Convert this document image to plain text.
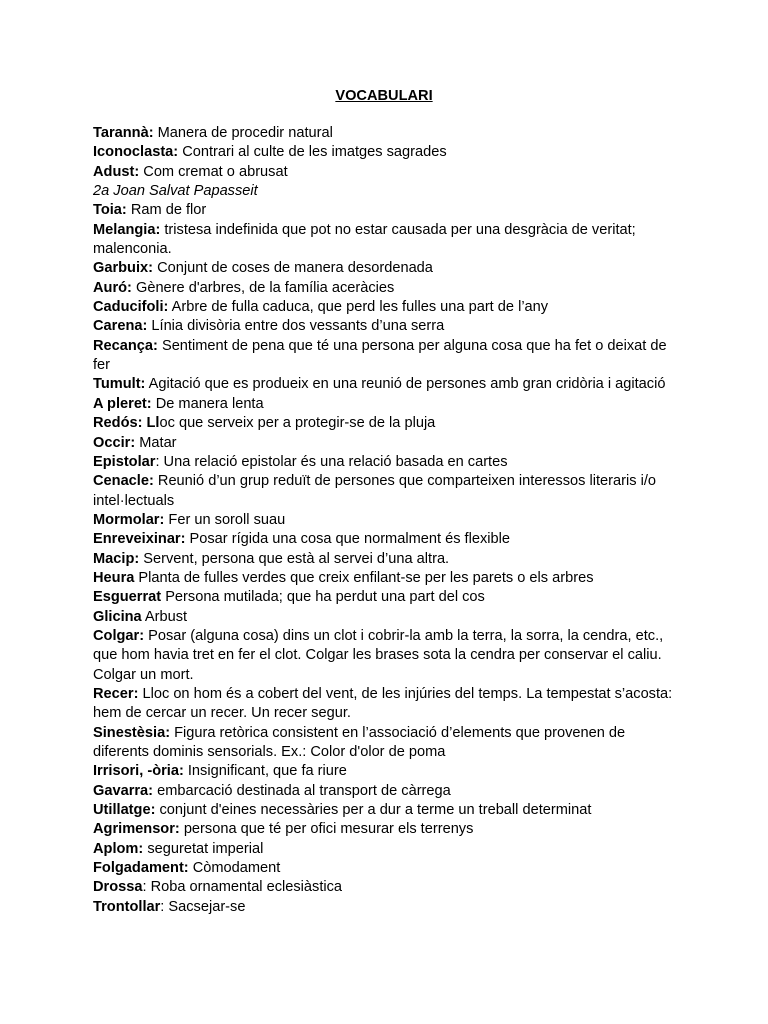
VOCABULARI

Tarannà: Manera de procedir natural

Iconoclasta: Contrari al culte de les imatges sagrades

Adust: Com cremat o abrusat

2a Joan Salvat Papasseit

Toia: Ram de flor

Melangia: tristesa indefinida que pot no estar causada per una desgràcia de veritat; malenconia.

Garbuix: Conjunt de coses de manera desordenada

Auró: Gènere d'arbres, de la família aceràcies

Caducifoli: Arbre de fulla caduca, que perd les fulles una part de l’any

Carena: Línia divisòria entre dos vessants d’una serra

Recança: Sentiment de pena que té una persona per alguna cosa que ha fet o deixat de fer

Tumult: Agitació que es produeix en una reunió de persones amb gran cridòria i agitació

A pleret: De manera lenta

Redós: Lloc que serveix per a protegir-se de la pluja

Occir: Matar

Epistolar: Una relació epistolar és una relació basada en cartes

Cenacle: Reunió d’un grup reduït de persones que comparteixen interessos literaris i/o intel·lectuals

Mormolar: Fer un soroll suau

Enreveixinar: Posar rígida una cosa que normalment és flexible

Macip: Servent, persona que està al servei d’una altra.

Heura Planta de fulles verdes que creix enfilant-se per les parets o els arbres

Esguerrat Persona mutilada; que ha perdut una part del cos

Glicina Arbust

Colgar: Posar (alguna cosa) dins un clot i cobrir-la amb la terra, la sorra, la cendra, etc., que hom havia tret en fer el clot. Colgar les brases sota la cendra per conservar el caliu. Colgar un mort.

Recer: Lloc on hom és a cobert del vent, de les injúries del temps. La tempestat s’acosta: hem de cercar un recer. Un recer segur.

Sinestèsia: Figura retòrica consistent en l’associació d’elements que provenen de diferents dominis sensorials. Ex.: Color d'olor de poma

Irrisori, -òria: Insignificant, que fa riure

Gavarra: embarcació destinada al transport de càrrega

Utillatge: conjunt d'eines necessàries per a dur a terme un treball determinat

Agrimensor: persona que té per ofici mesurar els terrenys

Aplom: seguretat imperial

Folgadament: Còmodament

Drossa: Roba ornamental eclesiàstica

Trontollar: Sacsejar-se
